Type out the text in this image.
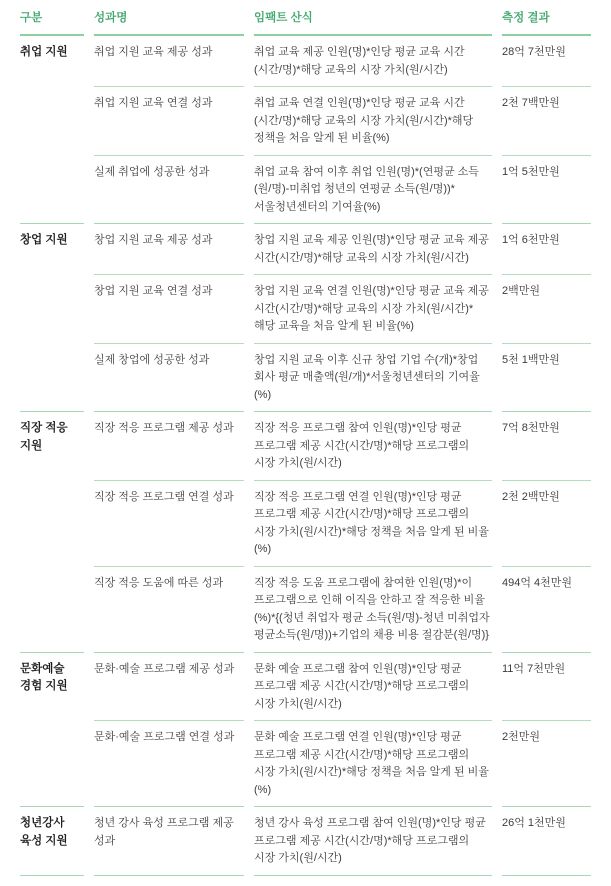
구분	성과명	임팩트 산식	측정 결과
취업 지원	취업 지원 교육 제공 성과	취업 교육 제공 인원(명)*인당 평균 교육 시간(시간/명)*해당 교육의 시장 가치(원/시간)	28억 7천만원
	취업 지원 교육 연결 성과	취업 교육 연결 인원(명)*인당 평균 교육 시간(시간/명)*해당 교육의 시장 가치(원/시간)*해당 정책을 처음 알게 된 비율(%)	2천 7백만원
	실제 취업에 성공한 성과	취업 교육 참여 이후 취업 인원(명)*(연평균 소득(원/명)-미취업 청년의 연평균 소득(원/명))*서울청년센터의 기여율(%)	1억 5천만원
창업 지원	창업 지원 교육 제공 성과	창업 지원 교육 제공 인원(명)*인당 평균 교육 제공 시간(시간/명)*해당 교육의 시장 가치(원/시간)	1억 6천만원
	창업 지원 교육 연결 성과	창업 지원 교육 연결 인원(명)*인당 평균 교육 제공 시간(시간/명)*해당 교육의 시장 가치(원/시간)*해당 교육을 처음 알게 된 비율(%)	2백만원
	실제 창업에 성공한 성과	창업 지원 교육 이후 신규 창업 기업 수(개)*창업 회사 평균 매출액(원/개)*서울청년센터의 기여율(%)	5천 1백만원
직장 적응 지원	직장 적응 프로그램 제공 성과	직장 적응 프로그램 참여 인원(명)*인당 평균 프로그램 제공 시간(시간/명)*해당 프로그램의 시장 가치(원/시간)	7억 8천만원
	직장 적응 프로그램 연결 성과	직장 적응 프로그램 연결 인원(명)*인당 평균 프로그램 제공 시간(시간/명)*해당 프로그램의 시장 가치(원/시간)*해당 정책을 처음 알게 된 비율(%)	2천 2백만원
	직장 적응 도움에 따른 성과	직장 적응 도움 프로그램에 참여한 인원(명)*이 프로그램으로 인해 이직을 안하고 잘 적응한 비율(%)*{(청년 취업자 평균 소득(원/명)-청년 미취업자 평균소득(원/명))+기업의 채용 비용 절감분(원/명)}	494억 4천만원
문화예술 경험 지원	문화·예술 프로그램 제공 성과	문화 예술 프로그램 참여 인원(명)*인당 평균 프로그램 제공 시간(시간/명)*해당 프로그램의 시장 가치(원/시간)	11억 7천만원
	문화·예술 프로그램 연결 성과	문화 예술 프로그램 연결 인원(명)*인당 평균 프로그램 제공 시간(시간/명)*해당 프로그램의 시장 가치(원/시간)*해당 정책을 처음 알게 된 비율(%)	2천만원
청년강사 육성 지원	청년 강사 육성 프로그램 제공 성과	청년 강사 육성 프로그램 참여 인원(명)*인당 평균 프로그램 제공 시간(시간/명)*해당 프로그램의 시장 가치(원/시간)	26억 1천만원
